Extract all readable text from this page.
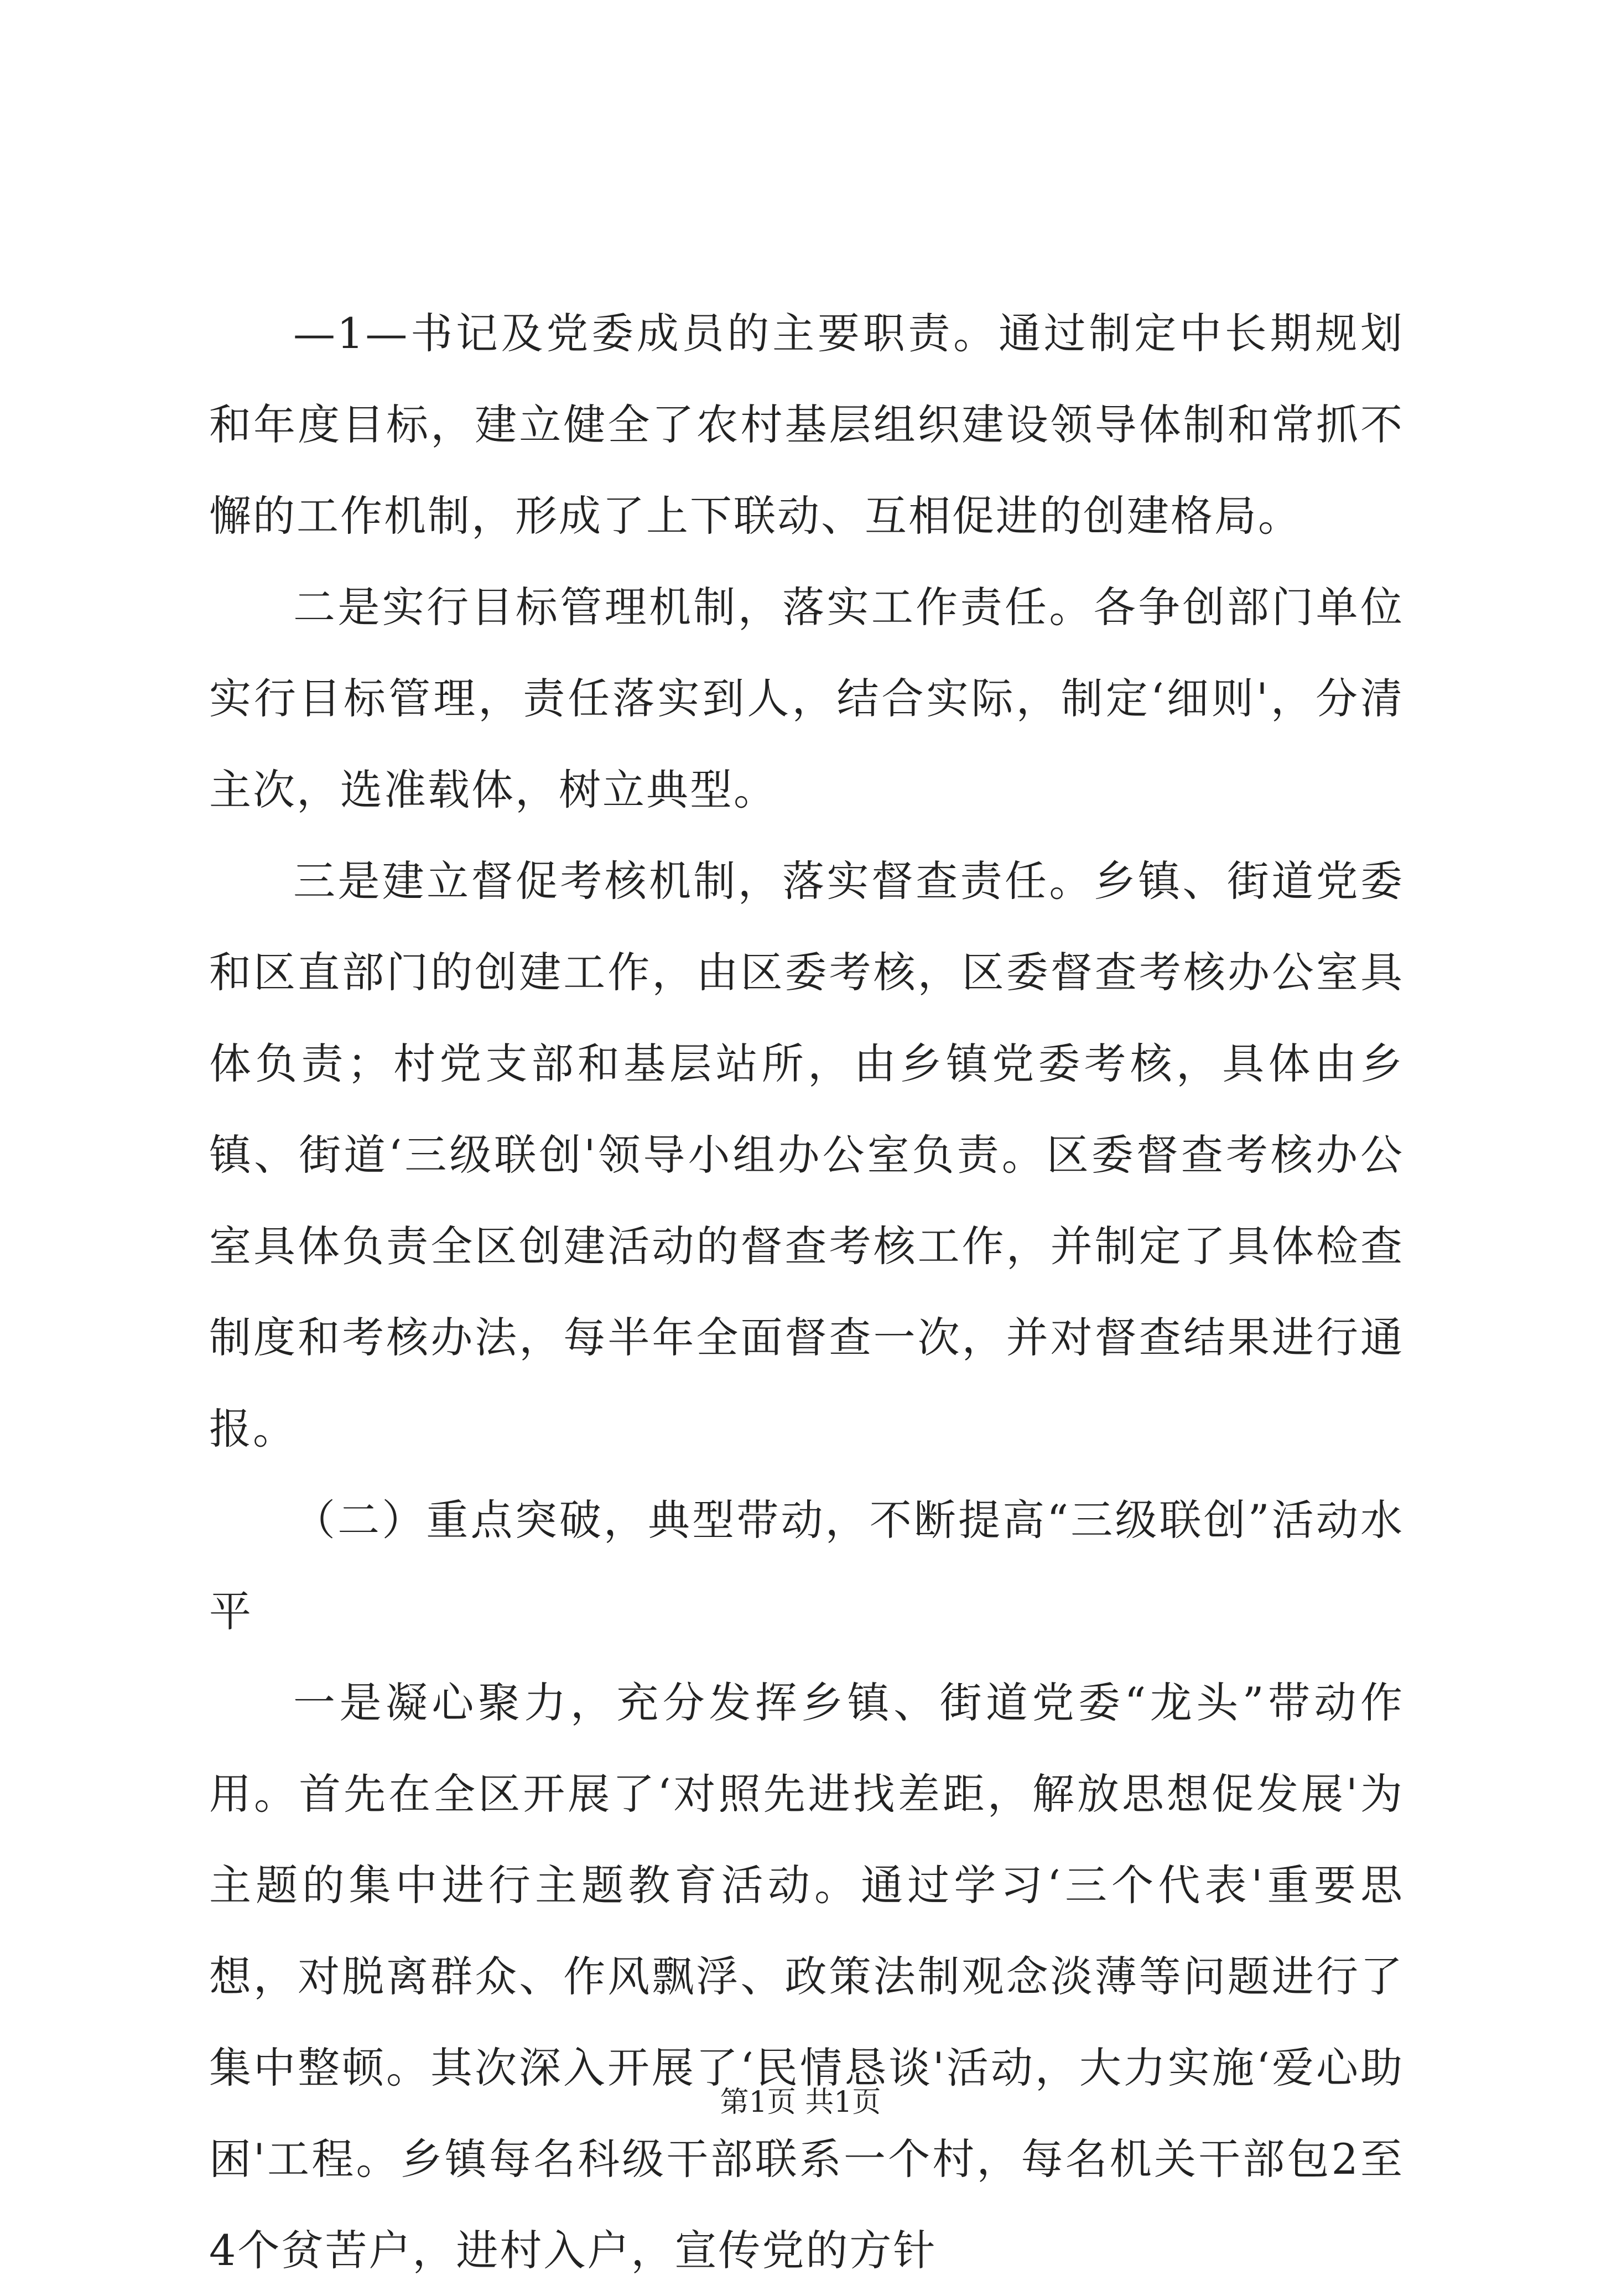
—1—书记及党委成员的主要职责。通过制定中长期规划和年度目标，建立健全了农村基层组织建设领导体制和常抓不懈的工作机制，形成了上下联动、互相促进的创建格局。

二是实行目标管理机制，落实工作责任。各争创部门单位实行目标管理，责任落实到人，结合实际，制定‘细则'，分清主次，选准载体，树立典型。

三是建立督促考核机制，落实督查责任。乡镇、街道党委和区直部门的创建工作，由区委考核，区委督查考核办公室具体负责；村党支部和基层站所，由乡镇党委考核，具体由乡镇、街道‘三级联创'领导小组办公室负责。区委督查考核办公室具体负责全区创建活动的督查考核工作，并制定了具体检查制度和考核办法，每半年全面督查一次，并对督查结果进行通报。

（二）重点突破，典型带动，不断提高“三级联创”活动水平

一是凝心聚力，充分发挥乡镇、街道党委“龙头”带动作用。首先在全区开展了‘对照先进找差距，解放思想促发展'为主题的集中进行主题教育活动。通过学习‘三个代表'重要思想，对脱离群众、作风飘浮、政策法制观念淡薄等问题进行了集中整顿。其次深入开展了‘民情恳谈'活动，大力实施‘爱心助困'工程。乡镇每名科级干部联系一个村，每名机关干部包2至4个贫苦户，进村入户，宣传党的方针

第1页 共1页
